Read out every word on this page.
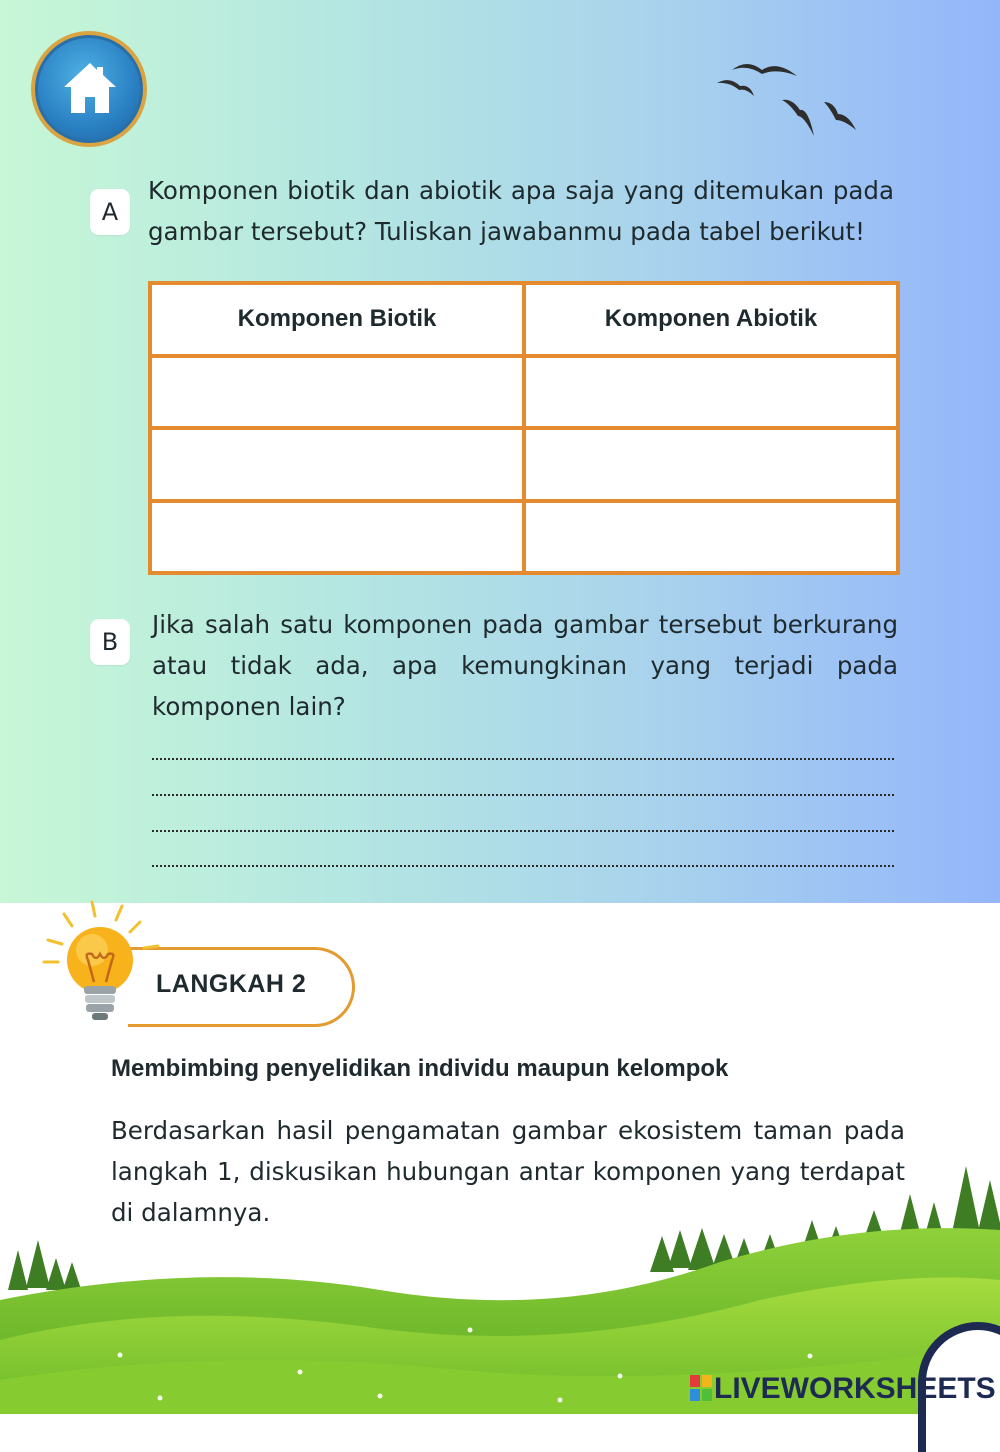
A
Komponen biotik dan abiotik apa saja yang ditemukan pada gambar tersebut? Tuliskan jawabanmu pada tabel berikut!
Komponen Biotik	Komponen Abiotik

B
Jika salah satu komponen pada gambar tersebut berkurang atau tidak ada, apa kemungkinan yang terjadi pada komponen lain?
LANGKAH 2
Membimbing penyelidikan individu maupun kelompok
Berdasarkan hasil pengamatan gambar ekosistem taman pada langkah 1, diskusikan hubungan antar komponen yang terdapat di dalamnya.
LIVEWORKSHEETS
